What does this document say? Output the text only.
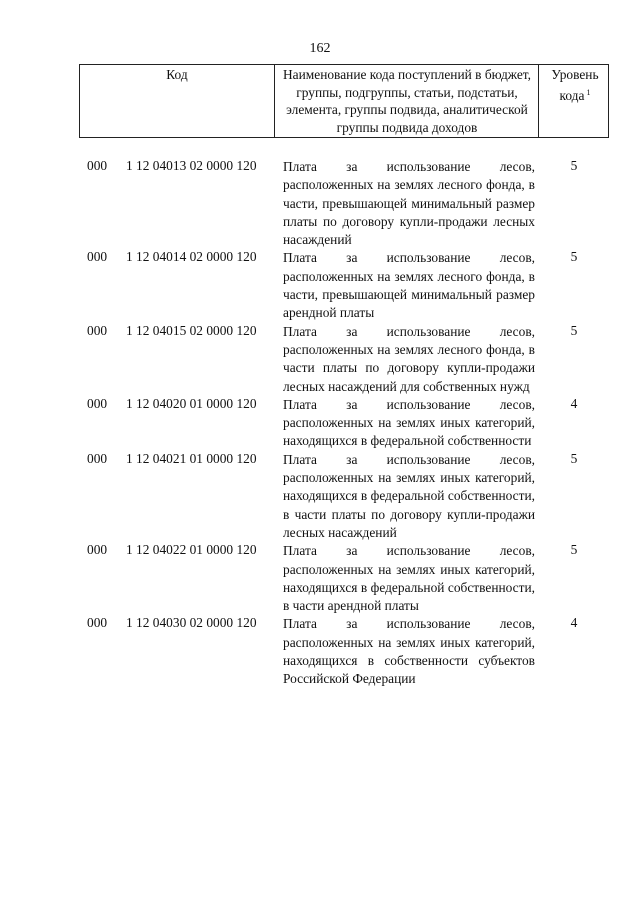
162
Код	Наименование кода поступлений в бюджет, группы, подгруппы, статьи, подстатьи, элемента, группы подвида, аналитической группы подвида доходов
Уровень кода $^1$
000 1 12 04013 02 0000 120 Плата за использование лесов, расположенных на землях лесного фонда, в части, превышающей минимальный размер платы по договору купли-продажи лесных насаждений
5
000 1 12 04014 02 0000 120 Плата за использование лесов, расположенных на землях лесного фонда, в части, превышающей минимальный размер арендной платы
5
000 1 12 04015 02 0000 120 Плата за использование лесов, расположенных на землях лесного фонда, в части платы по договору купли-продажи лесных насаждений для собственных нужд
5
000 1 12 04020 01 0000 120 Плата за использование лесов, расположенных на землях иных категорий, находящихся в федеральной собственности
4
000 1 12 04021 01 0000 120 Плата за использование лесов, расположенных на землях иных категорий, находящихся в федеральной собственности, в части платы по договору купли-продажи лесных насаждений
5
000 1 12 04022 01 0000 120 Плата за использование лесов, расположенных на землях иных категорий, находящихся в федеральной собственности, в части арендной платы
5
000 1 12 04030 02 0000 120 Плата за использование лесов, расположенных на землях иных категорий, находящихся в собственности субъектов Российской Федерации
4
